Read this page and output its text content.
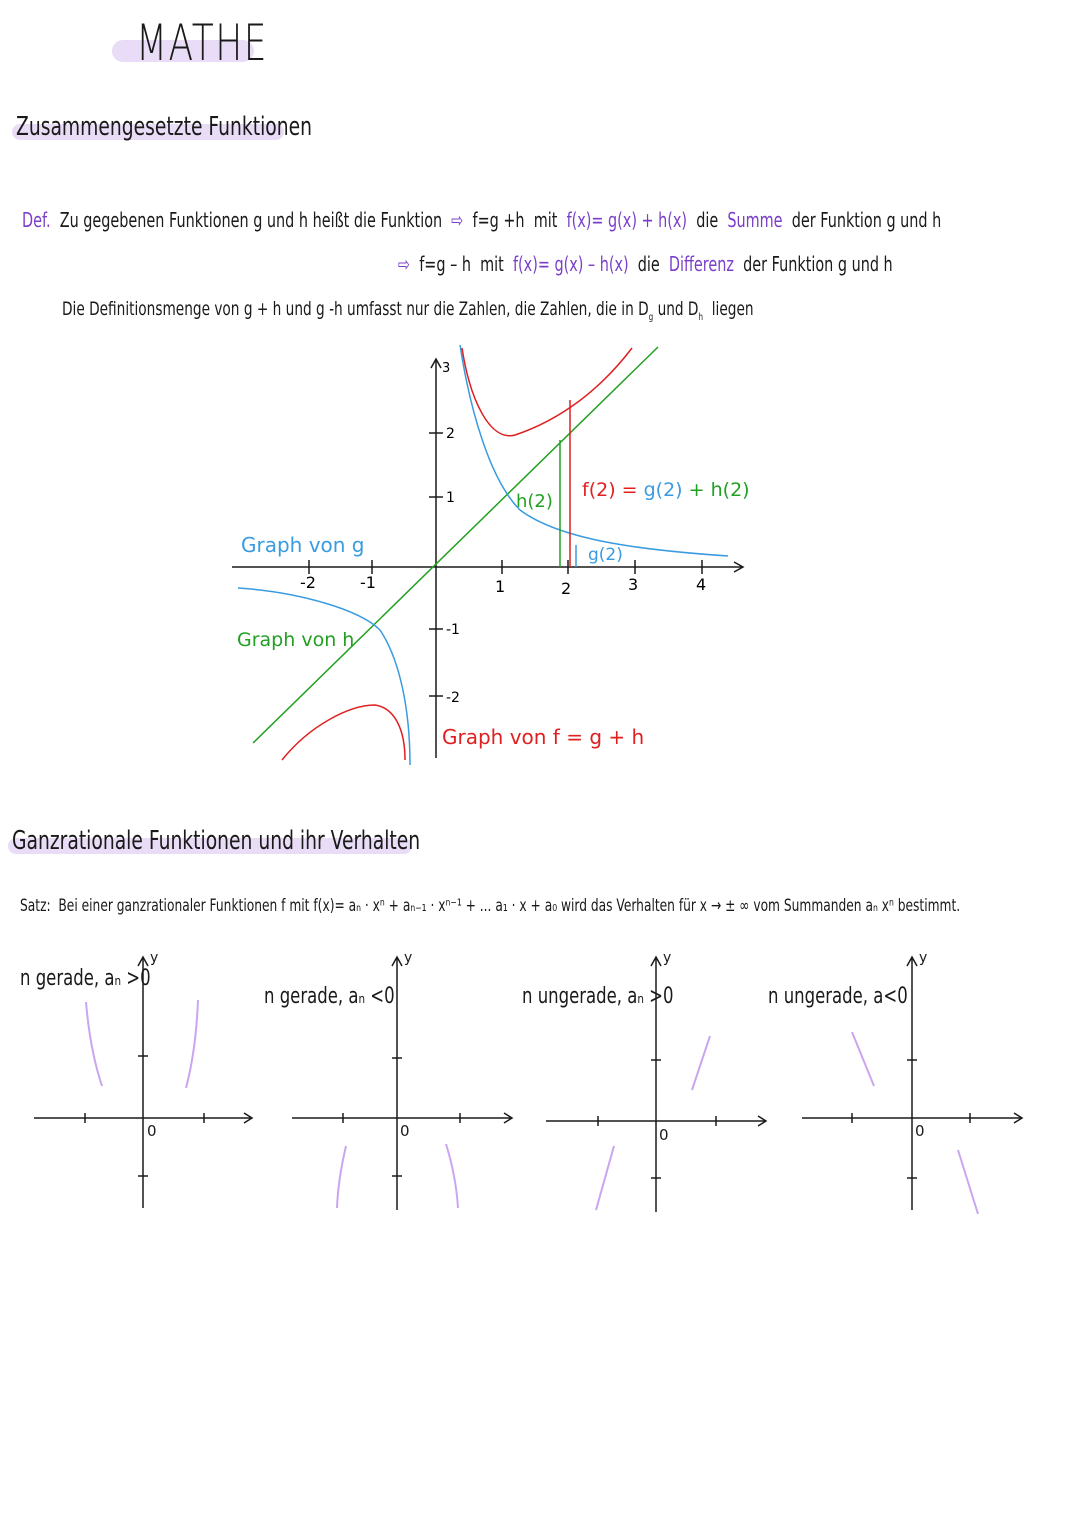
MATHE
Zusammengesetzte Funktionen
Def. Zu gegebenen Funktionen g und h heißt die Funktion ⇨ f=g +h mit f(x)= g(x) + h(x) die Summe der Funktion g und h
⇨ f=g – h mit f(x)= g(x) – h(x) die Differenz der Funktion g und h
Die Definitionsmenge von g + h und g -h umfasst nur die Zahlen, die Zahlen, die in $D_g$ und $D_h$ liegen
-2	-1	1	2	3	4
3
2
1
-1
-2
h(2)
g(2)
Graph von g
Graph von h
Graph von f = g + h
f(2) = g(2) + h(2)
Ganzrationale Funktionen und ihr Verhalten
Satz: Bei einer ganzrationaler Funktionen f mit f(x)= aₙ · xⁿ + aₙ₋₁ · xⁿ⁻¹ + ... a₁ · x + a₀ wird das Verhalten für x → ± ∞ vom Summanden aₙ xⁿ bestimmt.
n gerade, aₙ >0
n gerade, aₙ <0	n ungerade, aₙ >0	n ungerade, a<0
y
0
y
0
y
0
y
0
